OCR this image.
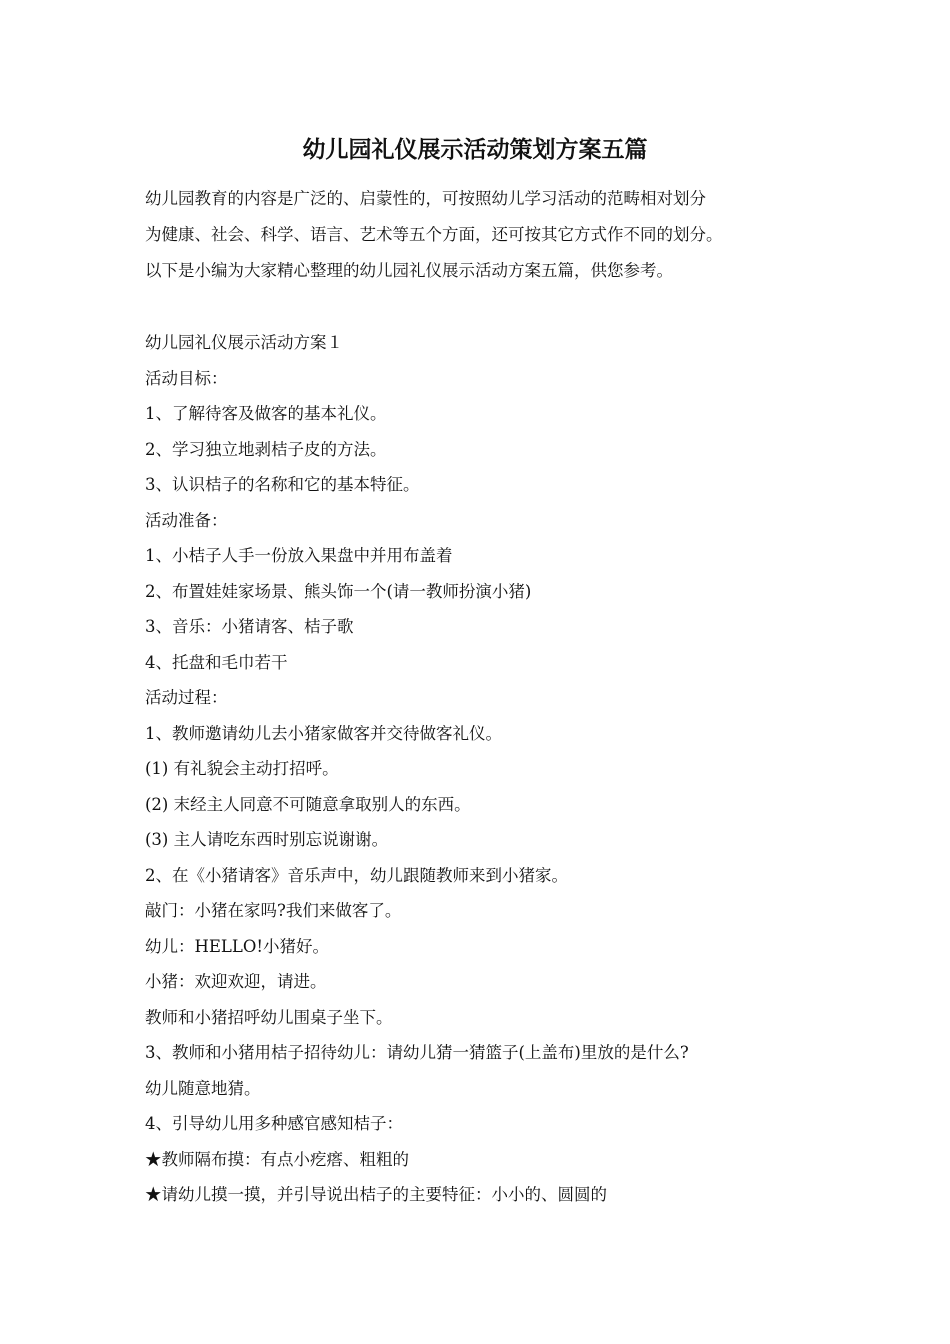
幼儿园礼仪展示活动策划方案五篇
幼儿园教育的内容是广泛的、启蒙性的，可按照幼儿学习活动的范畴相对划分
为健康、社会、科学、语言、艺术等五个方面，还可按其它方式作不同的划分。
以下是小编为大家精心整理的幼儿园礼仪展示活动方案五篇，供您参考。
幼儿园礼仪展示活动方案１
活动目标：
1、了解待客及做客的基本礼仪。
2、学习独立地剥桔子皮的方法。
3、认识桔子的名称和它的基本特征。
活动准备：
1、小桔子人手一份放入果盘中并用布盖着
2、布置娃娃家场景、熊头饰一个(请一教师扮演小猪)
3、音乐：小猪请客、桔子歌
4、托盘和毛巾若干
活动过程：
1、教师邀请幼儿去小猪家做客并交待做客礼仪。
(1) 有礼貌会主动打招呼。
(2) 末经主人同意不可随意拿取别人的东西。
(3) 主人请吃东西时别忘说谢谢。
2、在《小猪请客》音乐声中，幼儿跟随教师来到小猪家。
敲门：小猪在家吗?我们来做客了。
幼儿：HELLO!小猪好。
小猪：欢迎欢迎，请进。
教师和小猪招呼幼儿围桌子坐下。
3、教师和小猪用桔子招待幼儿：请幼儿猜一猜篮子(上盖布)里放的是什么?
幼儿随意地猜。
4、引导幼儿用多种感官感知桔子：
★教师隔布摸：有点小疙瘩、粗粗的
★请幼儿摸一摸，并引导说出桔子的主要特征：小小的、圆圆的
